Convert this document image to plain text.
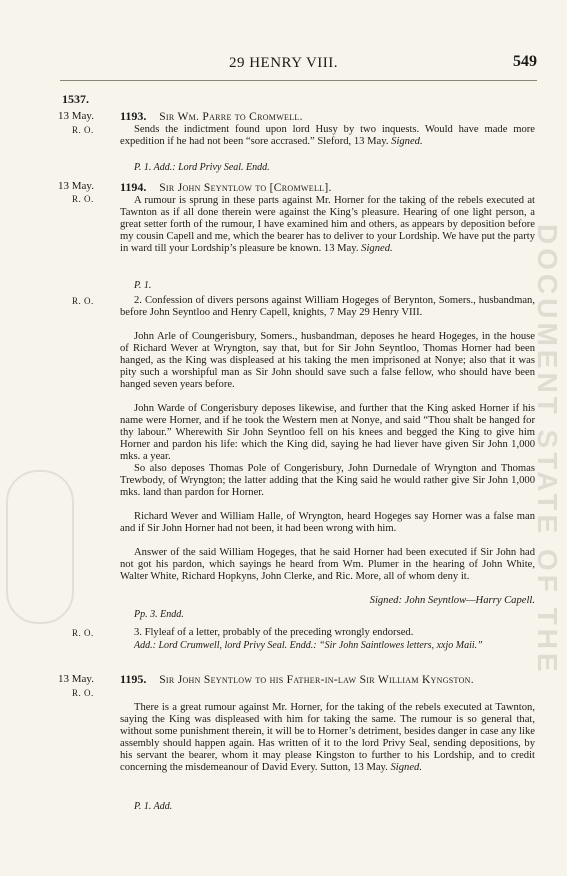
DOCUMENT STATE OF THE
29 HENRY VIII.	549
1537.
13 May.
R. O.
1193. Sir Wm. Parre to Cromwell.
Sends the indictment found upon lord Husy by two inquests. Would have made more expedition if he had not been “sore accrased.” Sleford, 13 May. Signed.
P. 1. Add.: Lord Privy Seal. Endd.
13 May.
R. O.
1194. Sir John Seyntlow to [Cromwell].
A rumour is sprung in these parts against Mr. Horner for the taking of the rebels executed at Tawnton as if all done therein were against the King’s pleasure. Hearing of one light person, a great setter forth of the rumour, I have examined him and others, as appears by deposition before my cousin Capell and me, which the bearer has to deliver to your Lordship. We have put the party in ward till your Lordship’s pleasure be known. 13 May. Signed.
P. 1.
R. O.	2. Confession of divers persons against William Hogeges of Berynton, Somers., husbandman, before John Seyntloo and Henry Capell, knights, 7 May 29 Henry VIII.
John Arle of Coungerisbury, Somers., husbandman, deposes he heard Hogeges, in the house of Richard Wever at Wryngton, say that, but for Sir John Seyntloo, Thomas Horner had been hanged, as the King was displeased at his taking the men imprisoned at Nonye; also that it was pity such a worshipful man as Sir John should save such a false fellow, who should have been hanged seven years before.
John Warde of Congerisbury deposes likewise, and further that the King asked Horner if his name were Horner, and if he took the Western men at Nonye, and said “Thou shalt be hanged for thy labour.” Wherewith Sir John Seyntloo fell on his knees and begged the King to give him Horner and pardon his life: which the King did, saying he had liever have given Sir John 1,000 mks. a year.
So also deposes Thomas Pole of Congerisbury, John Durnedale of Wryngton and Thomas Trewbody, of Wryngton; the latter adding that the King said he would rather give Sir John 1,000 mks. land than pardon for Horner.
Richard Wever and William Halle, of Wryngton, heard Hogeges say Horner was a false man and if Sir John Horner had not been, it had been wrong with him.
Answer of the said William Hogeges, that he said Horner had been executed if Sir John had not got his pardon, which sayings he heard from Wm. Plumer in the hearing of John White, Walter White, Richard Hopkyns, John Clerke, and Ric. More, all of whom deny it.
Signed: John Seyntlow—Harry Capell.
Pp. 3. Endd.
R. O.	3. Flyleaf of a letter, probably of the preceding wrongly endorsed.
Add.: Lord Crumwell, lord Privy Seal. Endd.: “Sir John Saintlowes letters, xxjo Maii.”
13 May.
R. O.
1195. Sir John Seyntlow to his Father-in-law Sir William Kyngston.
There is a great rumour against Mr. Horner, for the taking of the rebels executed at Tawnton, saying the King was displeased with him for taking the same. The rumour is so general that, without some punishment therein, it will be to Horner’s detriment, besides danger in case any like assembly should happen again. Has written of it to the lord Privy Seal, sending depositions, by his servant the bearer, whom it may please Kingston to further to his Lordship, and to credit concerning the misdemeanour of David Every. Sutton, 13 May. Signed.
P. 1. Add.
